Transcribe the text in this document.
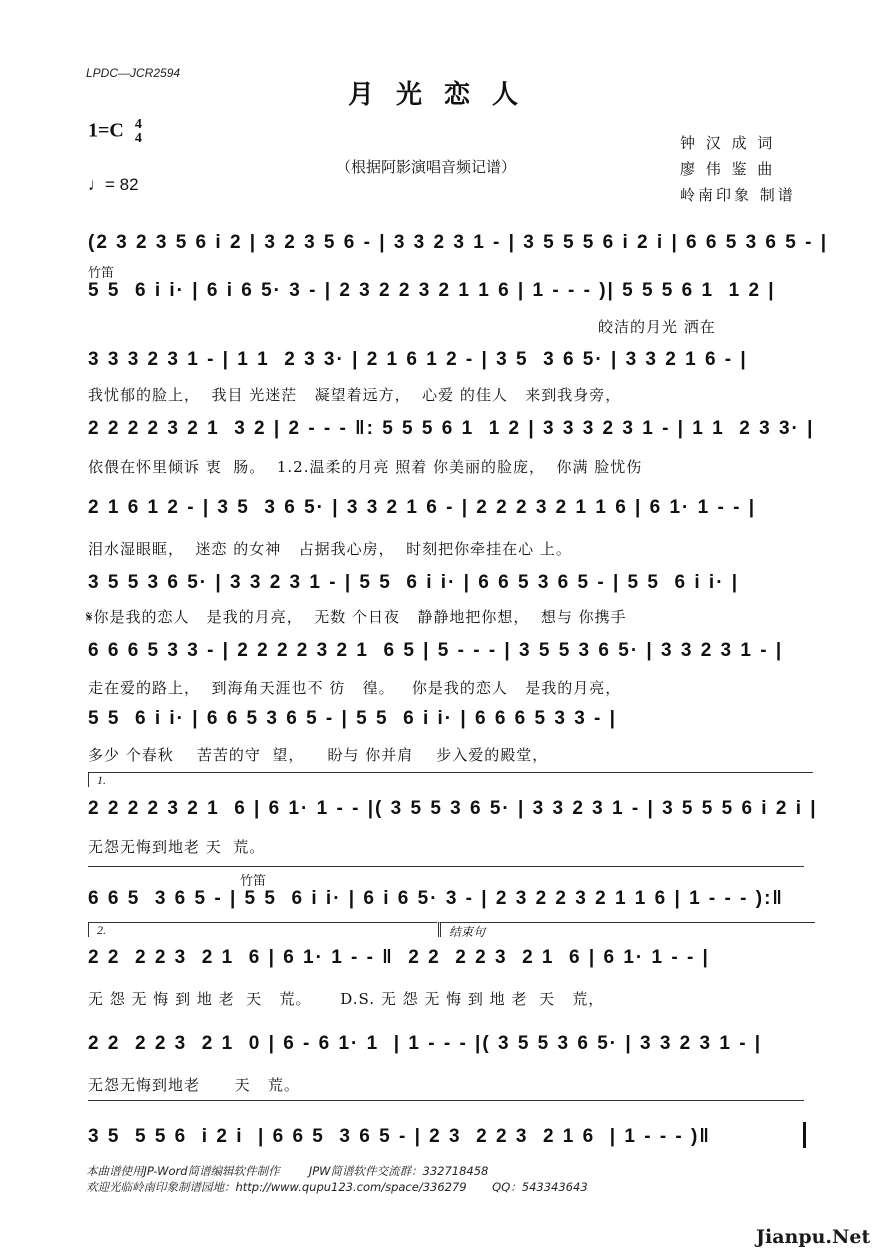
LPDC—JCR2594
月光恋人
1=C 4
4
♩= 82
（根据阿影演唱音频记谱）
钟 汉 成 词
廖 伟 鉴 曲
岭南印象 制谱
(2 3 2 3 5 6 i 2 | 3 2 3 5 6 - | 3 3 2 3 1 - | 3 5 5 5 6 i 2 i | 6 6 5 3 6 5 - |
竹笛
5 5  6 i i· | 6 i 6 5· 3 - | 2 3 2 2 3 2 1 1 6 | 1 - - - )| 5 5 5 6 1  1 2 |
皎洁的月光 洒在
3 3 3 2 3 1 - | 1 1  2 3 3· | 2 1 6 1 2 - | 3 5  3 6 5· | 3 3 2 1 6 - |
我忧郁的脸上，  我目 光迷茫   凝望着远方，  心爱 的佳人   来到我身旁，
2 2 2 2 3 2 1  3 2 | 2 - - - ‖: 5 5 5 6 1  1 2 | 3 3 3 2 3 1 - | 1 1  2 3 3· |
依偎在怀里倾诉 衷  肠。  1.2.温柔的月亮 照着 你美丽的脸庞，  你满 脸忧伤
2 1 6 1 2 - | 3 5  3 6 5· | 3 3 2 1 6 - | 2 2 2 3 2 1 1 6 | 6 1· 1 - - |
泪水湿眼眶，  迷恋 的女神   占据我心房，  时刻把你牵挂在心 上。
3 5 5 3 6 5· | 3 3 2 3 1 - | 5 5  6 i i· | 6 6 5 3 6 5 - | 5 5  6 i i· |
𝄋你是我的恋人   是我的月亮，  无数 个日夜   静静地把你想，  想与 你携手
6 6 6 5 3 3 - | 2 2 2 2 3 2 1  6 5 | 5 - - - | 3 5 5 3 6 5· | 3 3 2 3 1 - |
走在爱的路上，  到海角天涯也不 彷   徨。   你是我的恋人   是我的月亮，
5 5  6 i i· | 6 6 5 3 6 5 - | 5 5  6 i i· | 6 6 6 5 3 3 - |
多少 个春秋    苦苦的守  望，    盼与 你并肩    步入爱的殿堂，
1.
2 2 2 2 3 2 1  6 | 6 1· 1 - - |( 3 5 5 3 6 5· | 3 3 2 3 1 - | 3 5 5 5 6 i 2 i |
无怨无悔到地老 天  荒。
竹笛
6 6 5  3 6 5 - | 5 5  6 i i· | 6 i 6 5· 3 - | 2 3 2 2 3 2 1 1 6 | 1 - - - ):‖
2.	结束句
2 2  2 2 3  2 1  6 | 6 1· 1 - - ‖  2 2  2 2 3  2 1  6 | 6 1· 1 - - |
无 怨 无 悔 到 地 老  天   荒。     D.S. 无 怨 无 悔 到 地 老  天   荒，
2 2  2 2 3  2 1  0 | 6 - 6 1· 1  | 1 - - - |( 3 5 5 3 6 5· | 3 3 2 3 1 - |
无怨无悔到地老      天   荒。
3 5  5 5 6  i 2 i  | 6 6 5  3 6 5 - | 2 3  2 2 3  2 1 6  | 1 - - - )‖
本曲谱使用JP-Word简谱编辑软件制作        JPW简谱软件交流群：332718458
欢迎光临岭南印象制谱园地：http://www.qupu123.com/space/336279       QQ：543343643
Jianpu.Net
